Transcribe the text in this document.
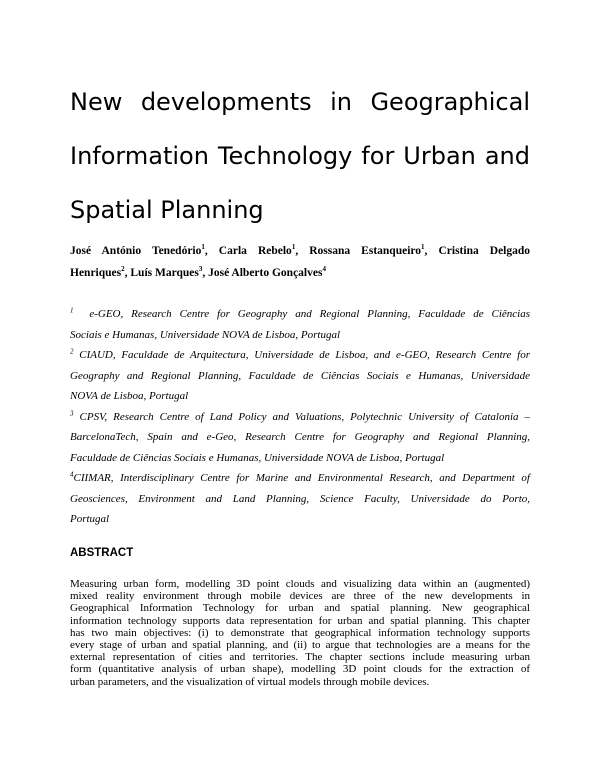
New developments in Geographical
Information Technology for Urban and
Spatial Planning

José António Tenedório$^1$, Carla Rebelo$^1$, Rossana Estanqueiro$^1$, Cristina Delgado
Henriques$^2$, Luís Marques$^3$, José Alberto Gonçalves$^4$

$^1$ e-GEO, Research Centre for Geography and Regional Planning, Faculdade de Ciências
Sociais e Humanas, Universidade NOVA de Lisboa, Portugal

$^2$ CIAUD, Faculdade de Arquitectura, Universidade de Lisboa, and e-GEO, Research Centre for
Geography and Regional Planning, Faculdade de Ciências Sociais e Humanas, Universidade
NOVA de Lisboa, Portugal

$^3$ CPSV, Research Centre of Land Policy and Valuations, Polytechnic University of Catalonia –
BarcelonaTech, Spain and e-Geo, Research Centre for Geography and Regional Planning,
Faculdade de Ciências Sociais e Humanas, Universidade NOVA de Lisboa, Portugal

$^4$CIIMAR, Interdisciplinary Centre for Marine and Environmental Research, and Department of
Geosciences, Environment and Land Planning, Science Faculty, Universidade do Porto,
Portugal

ABSTRACT
Measuring urban form, modelling 3D point clouds and visualizing data within an (augmented)
mixed reality environment through mobile devices are three of the new developments in
Geographical Information Technology for urban and spatial planning. New geographical
information technology supports data representation for urban and spatial planning. This chapter
has two main objectives: (i) to demonstrate that geographical information technology supports
every stage of urban and spatial planning, and (ii) to argue that technologies are a means for the
external representation of cities and territories. The chapter sections include measuring urban
form (quantitative analysis of urban shape), modelling 3D point clouds for the extraction of
urban parameters, and the visualization of virtual models through mobile devices.
